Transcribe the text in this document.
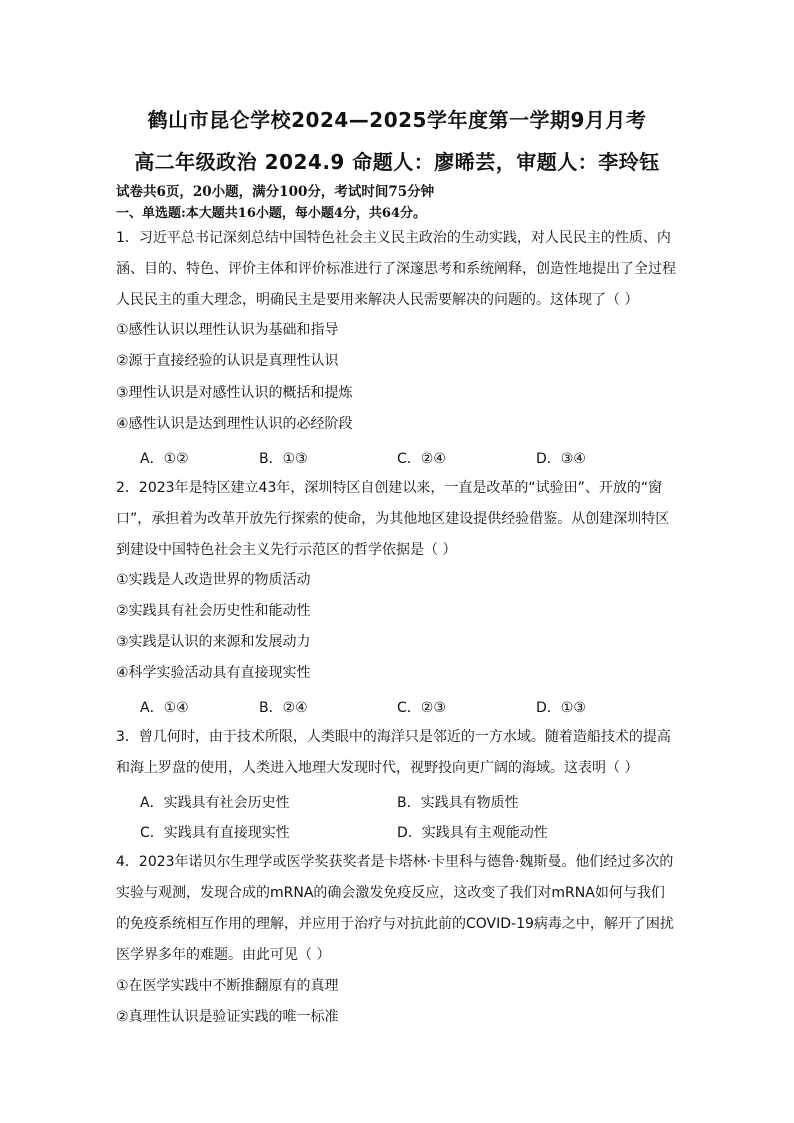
鹤山市昆仑学校2024—2025学年度第一学期9月月考
高二年级政治 2024.9 命题人：廖晞芸，审题人：李玲钰
试卷共6页，20小题，满分100分，考试时间75分钟
一、单选题:本大题共16小题，每小题4分，共64分。
1．习近平总书记深刻总结中国特色社会主义民主政治的生动实践，对人民民主的性质、内
涵、目的、特色、评价主体和评价标准进行了深邃思考和系统阐释，创造性地提出了全过程
人民民主的重大理念，明确民主是要用来解决人民需要解决的问题的。这体现了（ ）
①感性认识以理性认识为基础和指导
②源于直接经验的认识是真理性认识
③理性认识是对感性认识的概括和提炼
④感性认识是达到理性认识的必经阶段
A．①②	B．①③	C．②④	D．③④
2．2023年是特区建立43年，深圳特区自创建以来，一直是改革的“试验田”、开放的“窗
口”，承担着为改革开放先行探索的使命，为其他地区建设提供经验借鉴。从创建深圳特区
到建设中国特色社会主义先行示范区的哲学依据是（ ）
①实践是人改造世界的物质活动
②实践具有社会历史性和能动性
③实践是认识的来源和发展动力
④科学实验活动具有直接现实性
A．①④	B．②④	C．②③	D．①③
3．曾几何时，由于技术所限，人类眼中的海洋只是邻近的一方水域。随着造船技术的提高
和海上罗盘的使用，人类进入地理大发现时代，视野投向更广阔的海域。这表明（ ）
A．实践具有社会历史性	B．实践具有物质性
C．实践具有直接现实性	D．实践具有主观能动性
4．2023年诺贝尔生理学或医学奖获奖者是卡塔林·卡里科与德鲁·魏斯曼。他们经过多次的
实验与观测，发现合成的mRNA的确会激发免疫反应，这改变了我们对mRNA如何与我们
的免疫系统相互作用的理解，并应用于治疗与对抗此前的COVID-19病毒之中，解开了困扰
医学界多年的难题。由此可见（ ）
①在医学实践中不断推翻原有的真理
②真理性认识是验证实践的唯一标准
